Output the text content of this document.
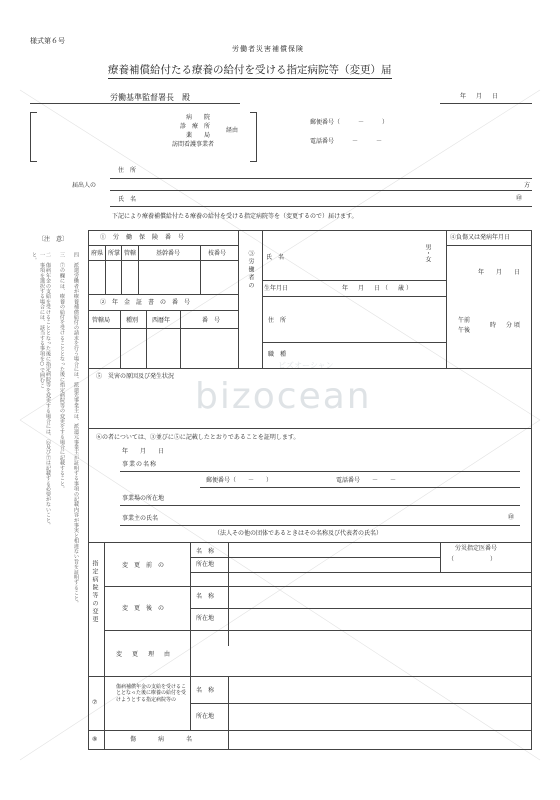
bizocean
ビズオーシャン
様式第６号
労働者災害補償保険
療養補償給付たる療養の給付を受ける指定病院等（変更）届
労働基準監督署長　殿	年　月　日
病　　院
診　療　所
薬　　局
訪問看護事業者
経由
郵便番号（　　　－　　　）
電話番号　　　－　　　－
届出人の
住　所
方
氏　名	㊞
下記により療養補償給付たる療養の給付を受ける指定病院等を（変更するので）届けます。
〔注　意〕
一　事項を選択する場合には、該当する事項を○で囲むこと。	二　傷病年金の支給を受けることとなった後に指定病院等を変更する場合には、⑥及び⑦は記載する必要がないこと。 三　⑦の欄には、療養の給付を受けることとなった後に指定病院等の変更をする場合に記載すること。 四　派遣労働者が療養補償給付の請求を行う場合には、派遣先事業主は、派遣元事業主が証明する事項の記載内容が事実と相違ない旨を証明すること。
①　労　働　保　険　番　号
府県 所掌 管轄	基幹番号	枝番号
②　年　金　証　書　の　番　号
管轄局	種別 西暦年	番　号
③労働者の 氏　名	男・女
生年月日	年　月　日（　歳）
住　所
職　種
④負傷又は発病年月日
年　月　日
午前
午後
時　分頃
⑤　災害の原因及び発生状況
⑥の者については、③並びに⑤に記載したとおりであることを証明します。
年　月　日
事業の名称
郵便番号（　　－　　）	電話番号　　－　　－
事業場の所在地
事業主の氏名	㊞
（法人その他の団体であるときはその名称及び代表者の氏名）
指定病院等の変更	変　更　前　の
名　称
所在地
労災指定医番号
（　　　　　　）
変　更　後　の
名　称
所在地
変　更　理　由
⑦
傷病補償年金の支給を受けることとなった後に療養の給付を受けようとする指定病院等の
名　称
所在地
⑧	傷　病　名
